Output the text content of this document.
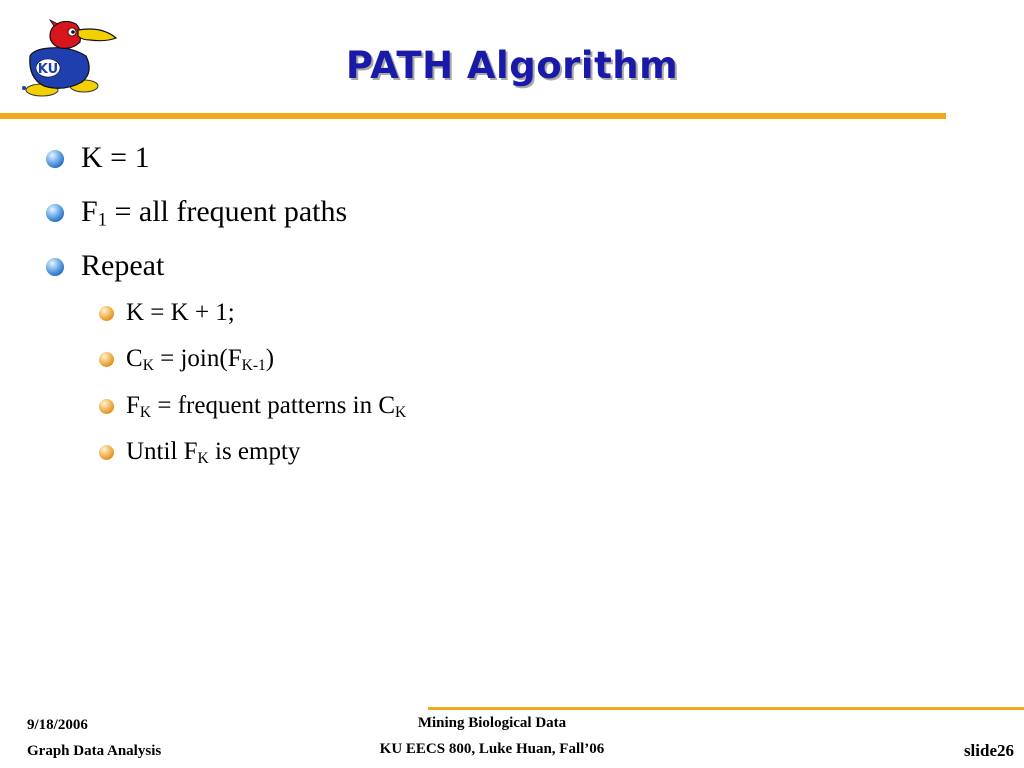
KU	PATH Algorithm
K = 1
$F_1$ = all frequent paths
Repeat
K = K + 1;
$C_K$ = $join(F_{K-1})$
$F_K$ = frequent patterns in $C_K$
Until $F_K$ is empty
9/18/2006
Graph Data Analysis
Mining Biological Data
KU EECS 800, Luke Huan, Fall’06	slide26
